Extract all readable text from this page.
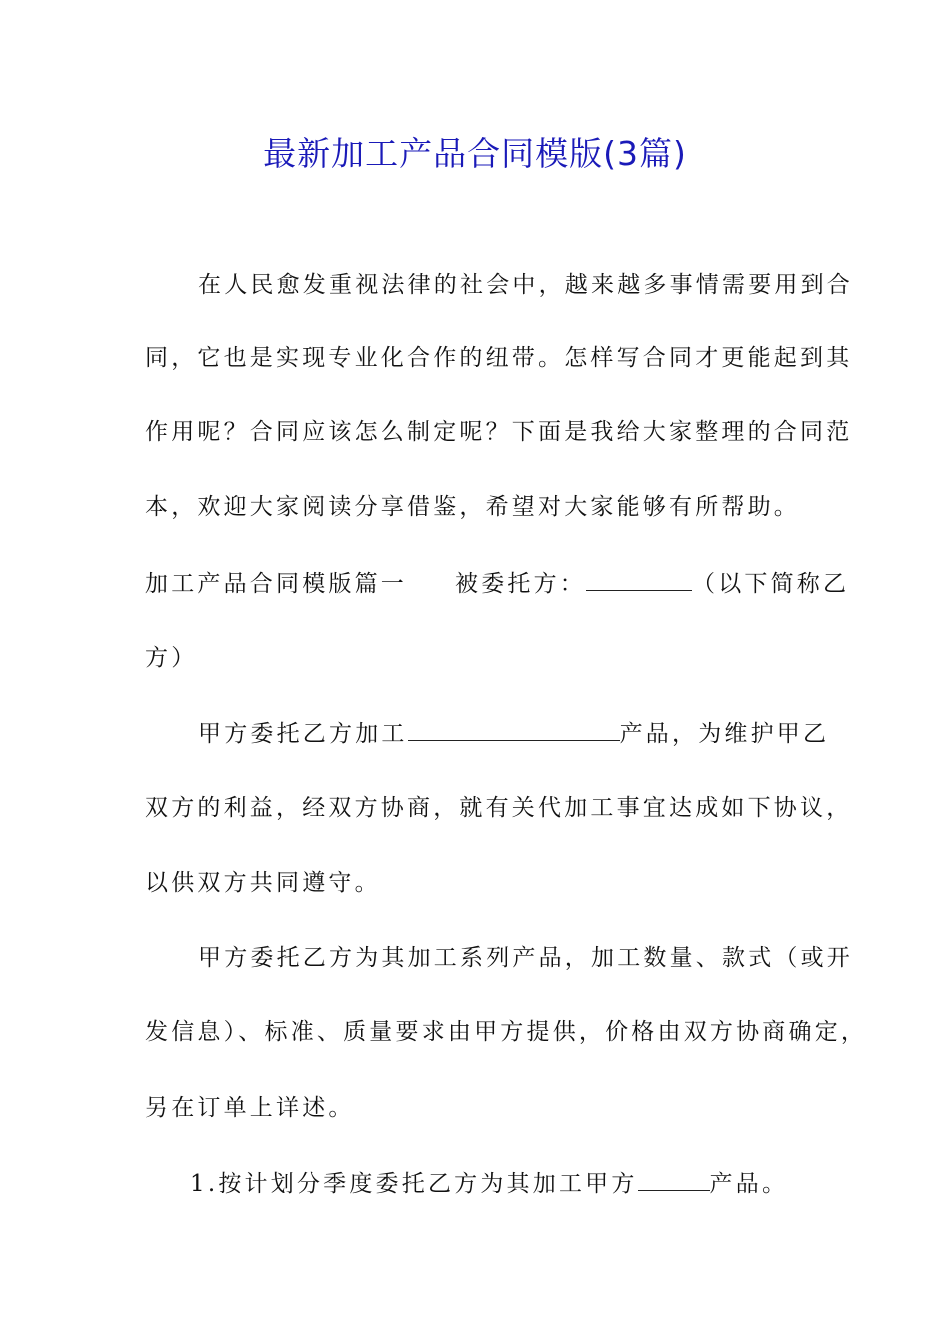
最新加工产品合同模版(3篇)
在人民愈发重视法律的社会中，越来越多事情需要用到合
同，它也是实现专业化合作的纽带。怎样写合同才更能起到其
作用呢？合同应该怎么制定呢？下面是我给大家整理的合同范
本，欢迎大家阅读分享借鉴，希望对大家能够有所帮助。
加工产品合同模版篇一 被委托方：	（以下简称乙
方）
甲方委托乙方加工	产品，为维护甲乙
双方的利益，经双方协商，就有关代加工事宜达成如下协议，
以供双方共同遵守。
甲方委托乙方为其加工系列产品，加工数量、款式（或开
发信息）、标准、质量要求由甲方提供，价格由双方协商确定，
另在订单上详述。
1.按计划分季度委托乙方为其加工甲方	产品。
